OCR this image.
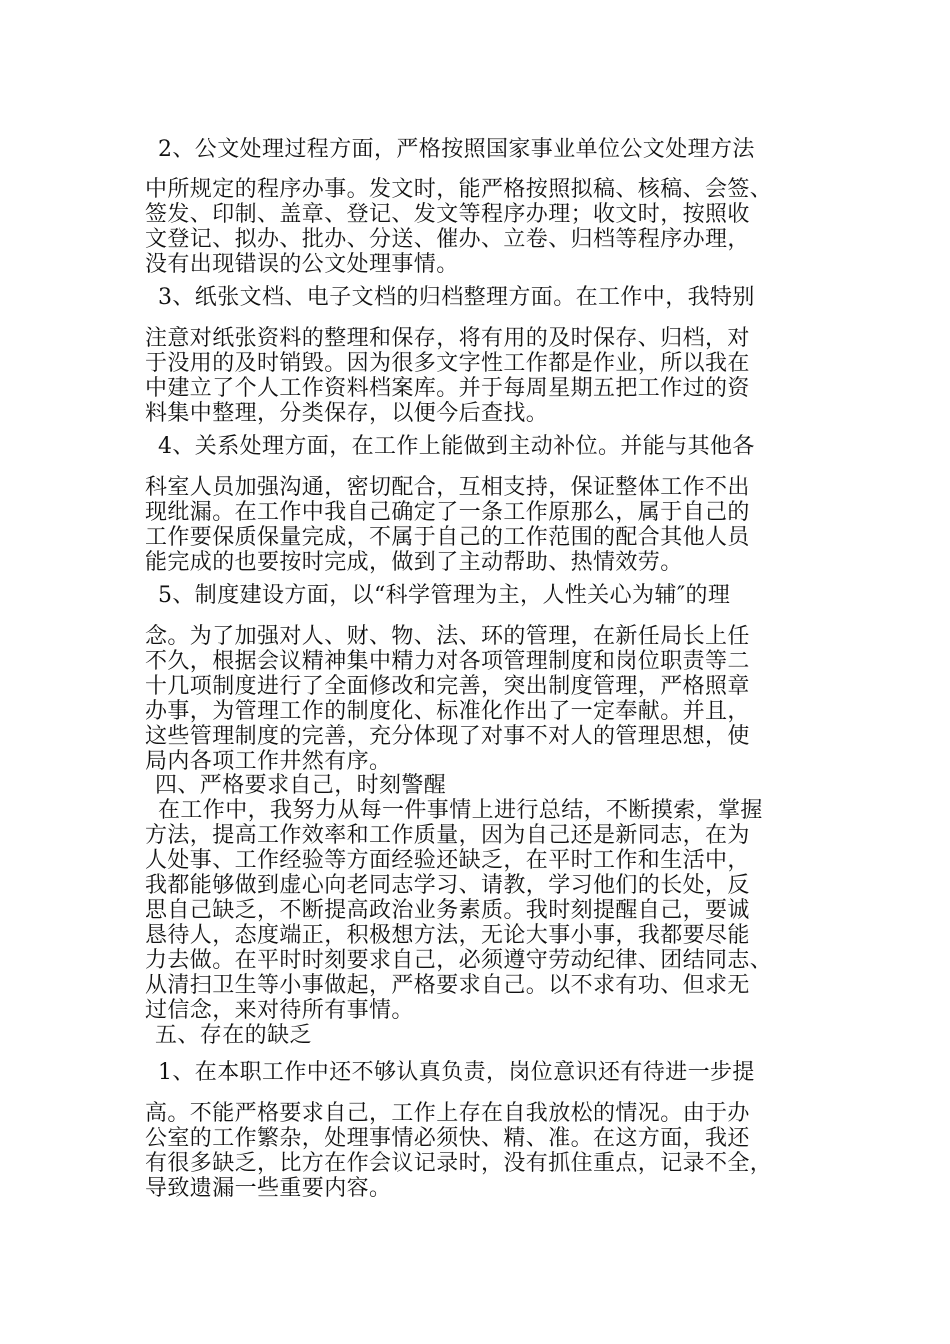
2、公文处理过程方面，严格按照国家事业单位公文处理方法
中所规定的程序办事。发文时，能严格按照拟稿、核稿、会签、
签发、印制、盖章、登记、发文等程序办理；收文时，按照收
文登记、拟办、批办、分送、催办、立卷、归档等程序办理，
没有出现错误的公文处理事情。
3、纸张文档、电子文档的归档整理方面。在工作中，我特别
注意对纸张资料的整理和保存，将有用的及时保存、归档，对
于没用的及时销毁。因为很多文字性工作都是作业，所以我在
中建立了个人工作资料档案库。并于每周星期五把工作过的资
料集中整理，分类保存，以便今后查找。
4、关系处理方面，在工作上能做到主动补位。并能与其他各
科室人员加强沟通，密切配合，互相支持，保证整体工作不出
现纰漏。在工作中我自己确定了一条工作原那么，属于自己的
工作要保质保量完成，不属于自己的工作范围的配合其他人员
能完成的也要按时完成，做到了主动帮助、热情效劳。
5、制度建设方面，以“科学管理为主，人性关心为辅″的理
念。为了加强对人、财、物、法、环的管理，在新任局长上任
不久，根据会议精神集中精力对各项管理制度和岗位职责等二
十几项制度进行了全面修改和完善，突出制度管理，严格照章
办事，为管理工作的制度化、标准化作出了一定奉献。并且，
这些管理制度的完善，充分体现了对事不对人的管理思想，使
局内各项工作井然有序。
四、严格要求自己，时刻警醒
在工作中，我努力从每一件事情上进行总结，不断摸索，掌握
方法，提高工作效率和工作质量，因为自己还是新同志，在为
人处事、工作经验等方面经验还缺乏，在平时工作和生活中，
我都能够做到虚心向老同志学习、请教，学习他们的长处，反
思自己缺乏，不断提高政治业务素质。我时刻提醒自己，要诚
恳待人，态度端正，积极想方法，无论大事小事，我都要尽能
力去做。在平时时刻要求自己，必须遵守劳动纪律、团结同志、
从清扫卫生等小事做起，严格要求自己。以不求有功、但求无
过信念，来对待所有事情。
五、存在的缺乏
1、在本职工作中还不够认真负责，岗位意识还有待进一步提
高。不能严格要求自己，工作上存在自我放松的情况。由于办
公室的工作繁杂，处理事情必须快、精、准。在这方面，我还
有很多缺乏，比方在作会议记录时，没有抓住重点，记录不全，
导致遗漏一些重要内容。
